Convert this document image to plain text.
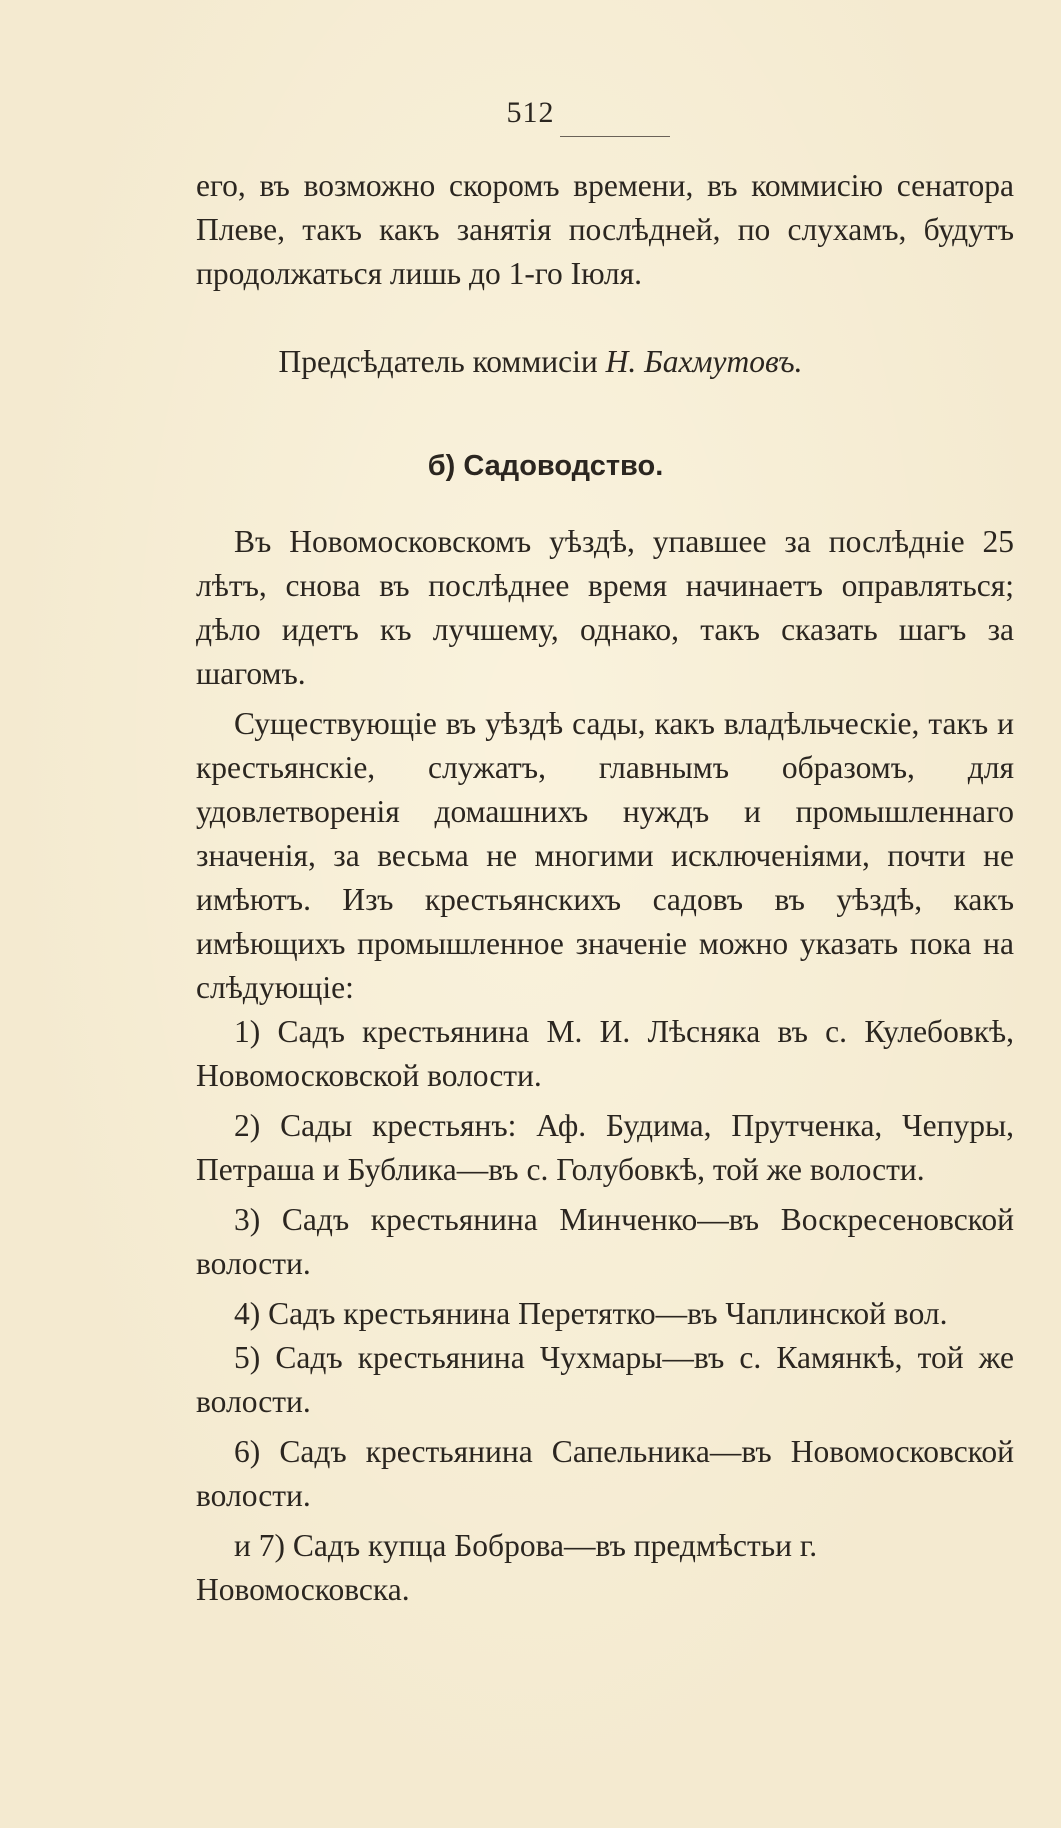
512

его, въ возможно скоромъ времени, въ коммисію сенатора Плеве, такъ какъ занятія послѣдней, по слухамъ, будутъ продолжаться лишь до 1-го Іюля.

Предсѣдатель коммисіи Н. Бахмутовъ.
б) Садоводство.

Въ Новомосковскомъ уѣздѣ, упавшее за послѣдніе 25 лѣтъ, снова въ послѣднее время начинаетъ оправляться; дѣло идетъ къ лучшему, однако, такъ сказать шагъ за шагомъ.

Существующіе въ уѣздѣ сады, какъ владѣльческіе, такъ и крестьянскіе, служатъ, главнымъ образомъ, для удовлетворенія домашнихъ нуждъ и промышленнаго значенія, за весьма не многими исключеніями, почти не имѣютъ. Изъ крестьянскихъ садовъ въ уѣздѣ, какъ имѣющихъ промышленное значеніе можно указать пока на слѣдующіе:

1) Садъ крестьянина М. И. Лѣсняка въ с. Кулебовкѣ, Новомосковской волости.

2) Сады крестьянъ: Аф. Будима, Прутченка, Чепуры, Петраша и Бублика—въ с. Голубовкѣ, той же волости.

3) Садъ крестьянина Минченко—въ Воскресеновской волости.

4) Садъ крестьянина Перетятко—въ Чаплинской вол.

5) Садъ крестьянина Чухмары—въ с. Камянкѣ, той же волости.

6) Садъ крестьянина Сапельника—въ Новомосковской волости.

и 7) Садъ купца Боброва—въ предмѣстьи г. Новомосковска.
